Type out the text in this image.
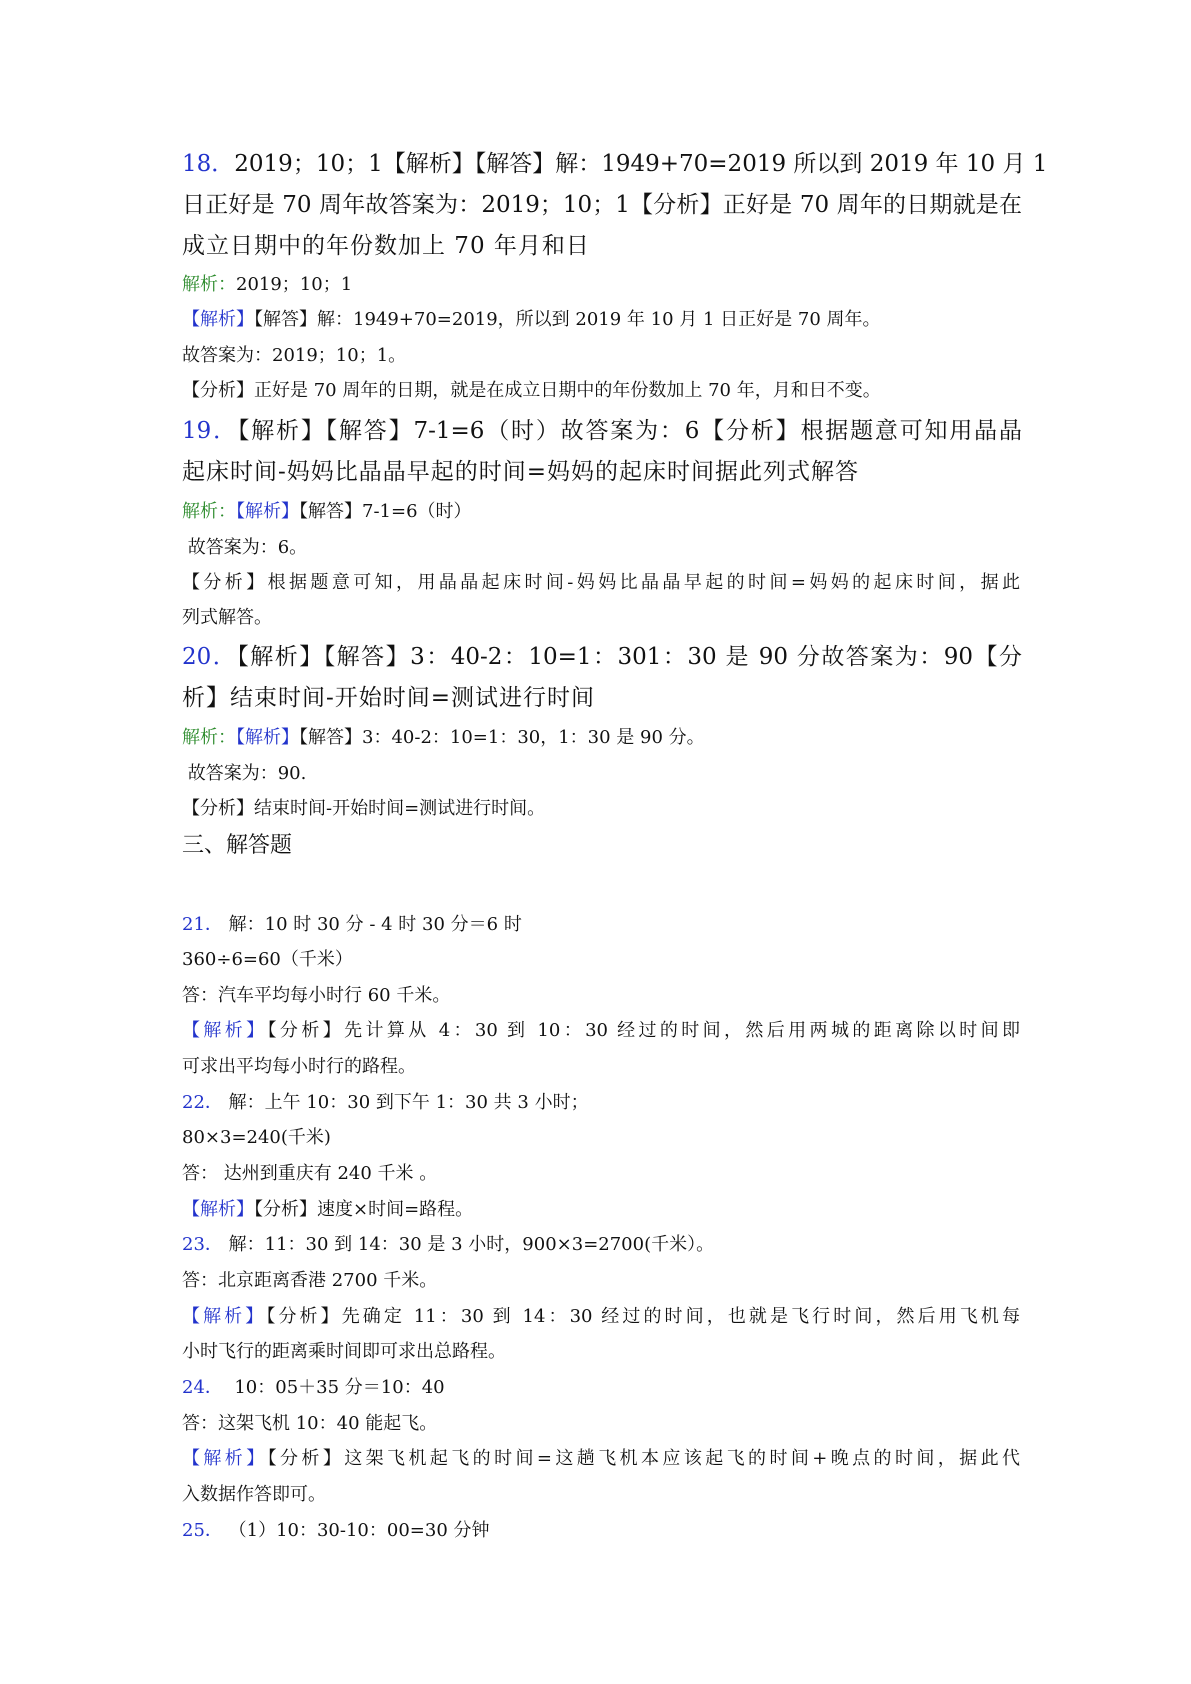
18．2019；10；1【解析】【解答】解：1949+70=2019 所以到 2019 年 10 月 1
日正好是 70 周年故答案为：2019；10；1【分析】正好是 70 周年的日期就是在
成立日期中的年份数加上 70 年月和日
解析：2019；10；1
【解析】【解答】解：1949+70=2019，所以到 2019 年 10 月 1 日正好是 70 周年。
故答案为：2019；10；1。
【分析】正好是 70 周年的日期，就是在成立日期中的年份数加上 70 年，月和日不变。
19．【解析】【解答】7-1=6（时）故答案为：6【分析】根据题意可知用晶晶
起床时间-妈妈比晶晶早起的时间=妈妈的起床时间据此列式解答
解析：【解析】【解答】7-1=6（时）
故答案为：6。
【分析】根据题意可知，用晶晶起床时间-妈妈比晶晶早起的时间=妈妈的起床时间，据此
列式解答。
20．【解析】【解答】3：40-2：10=1：301：30 是 90 分故答案为：90【分
析】结束时间-开始时间=测试进行时间
解析：【解析】【解答】3：40-2：10=1：30，1：30 是 90 分。
故答案为：90.
【分析】结束时间-开始时间=测试进行时间。
三、解答题
21． 解：10 时 30 分 - 4 时 30 分＝6 时
360÷6=60（千米）
答：汽车平均每小时行 60 千米。
【解析】【分析】先计算从 4：30 到 10：30 经过的时间，然后用两城的距离除以时间即
可求出平均每小时行的路程。
22． 解：上午 10：30 到下午 1：30 共 3 小时；
80×3=240(千米)
答： 达州到重庆有 240 千米 。
【解析】【分析】速度×时间=路程。
23． 解：11：30 到 14：30 是 3 小时，900×3=2700(千米）。
答：北京距离香港 2700 千米。
【解析】【分析】先确定 11：30 到 14：30 经过的时间，也就是飞行时间，然后用飞机每
小时飞行的距离乘时间即可求出总路程。
24．  10：05＋35 分＝10：40
答：这架飞机 10：40 能起飞。
【解析】【分析】这架飞机起飞的时间=这趟飞机本应该起飞的时间+晚点的时间，据此代
入数据作答即可。
25． （1）10：30-10：00=30 分钟
